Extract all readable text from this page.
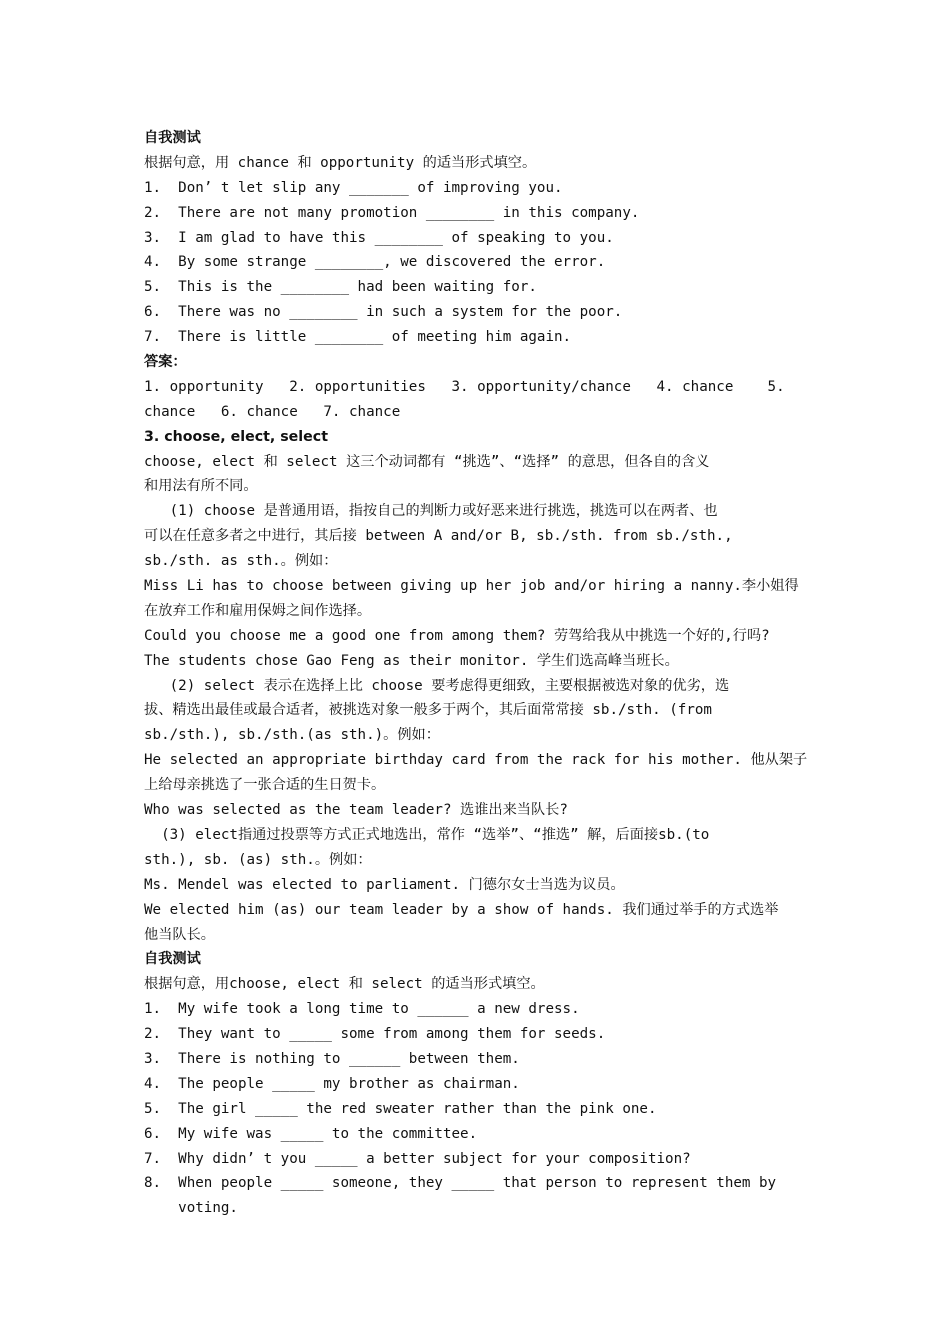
自我测试
根据句意，用 chance 和 opportunity 的适当形式填空。
1.  Don’ t let slip any _______ of improving you.
2.  There are not many promotion ________ in this company.
3.  I am glad to have this ________ of speaking to you.
4.  By some strange ________, we discovered the error.
5.  This is the ________ had been waiting for.
6.  There was no ________ in such a system for the poor.
7.  There is little ________ of meeting him again.
答案：
1. opportunity   2. opportunities   3. opportunity/chance   4. chance    5.
chance   6. chance   7. chance
3. choose, elect, select
choose, elect 和 select 这三个动词都有 “挑选”、“选择” 的意思，但各自的含义
和用法有所不同。
(1) choose 是普通用语，指按自己的判断力或好恶来进行挑选，挑选可以在两者、也
可以在任意多者之中进行，其后接 between A and/or B, sb./sth. from sb./sth.,
sb./sth. as sth.。例如：
Miss Li has to choose between giving up her job and/or hiring a nanny.李小姐得
在放弃工作和雇用保姆之间作选择。
Could you choose me a good one from among them? 劳驾给我从中挑选一个好的,行吗?
The students chose Gao Feng as their monitor. 学生们选高峰当班长。
(2) select 表示在选择上比 choose 要考虑得更细致，主要根据被选对象的优劣，选
拔、精选出最佳或最合适者，被挑选对象一般多于两个，其后面常常接 sb./sth. (from
sb./sth.), sb./sth.(as sth.)。例如：
He selected an appropriate birthday card from the rack for his mother. 他从架子
上给母亲挑选了一张合适的生日贺卡。
Who was selected as the team leader? 选谁出来当队长?
(3) elect指通过投票等方式正式地选出，常作 “选举”、“推选” 解，后面接sb.(to
sth.), sb. (as) sth.。例如：
Ms. Mendel was elected to parliament. 门德尔女士当选为议员。
We elected him (as) our team leader by a show of hands. 我们通过举手的方式选举
他当队长。
自我测试
根据句意，用choose, elect 和 select 的适当形式填空。
1.  My wife took a long time to ______ a new dress.
2.  They want to _____ some from among them for seeds.
3.  There is nothing to ______ between them.
4.  The people _____ my brother as chairman.
5.  The girl _____ the red sweater rather than the pink one.
6.  My wife was _____ to the committee.
7.  Why didn’ t you _____ a better subject for your composition?
8.  When people _____ someone, they _____ that person to represent them by
voting.
